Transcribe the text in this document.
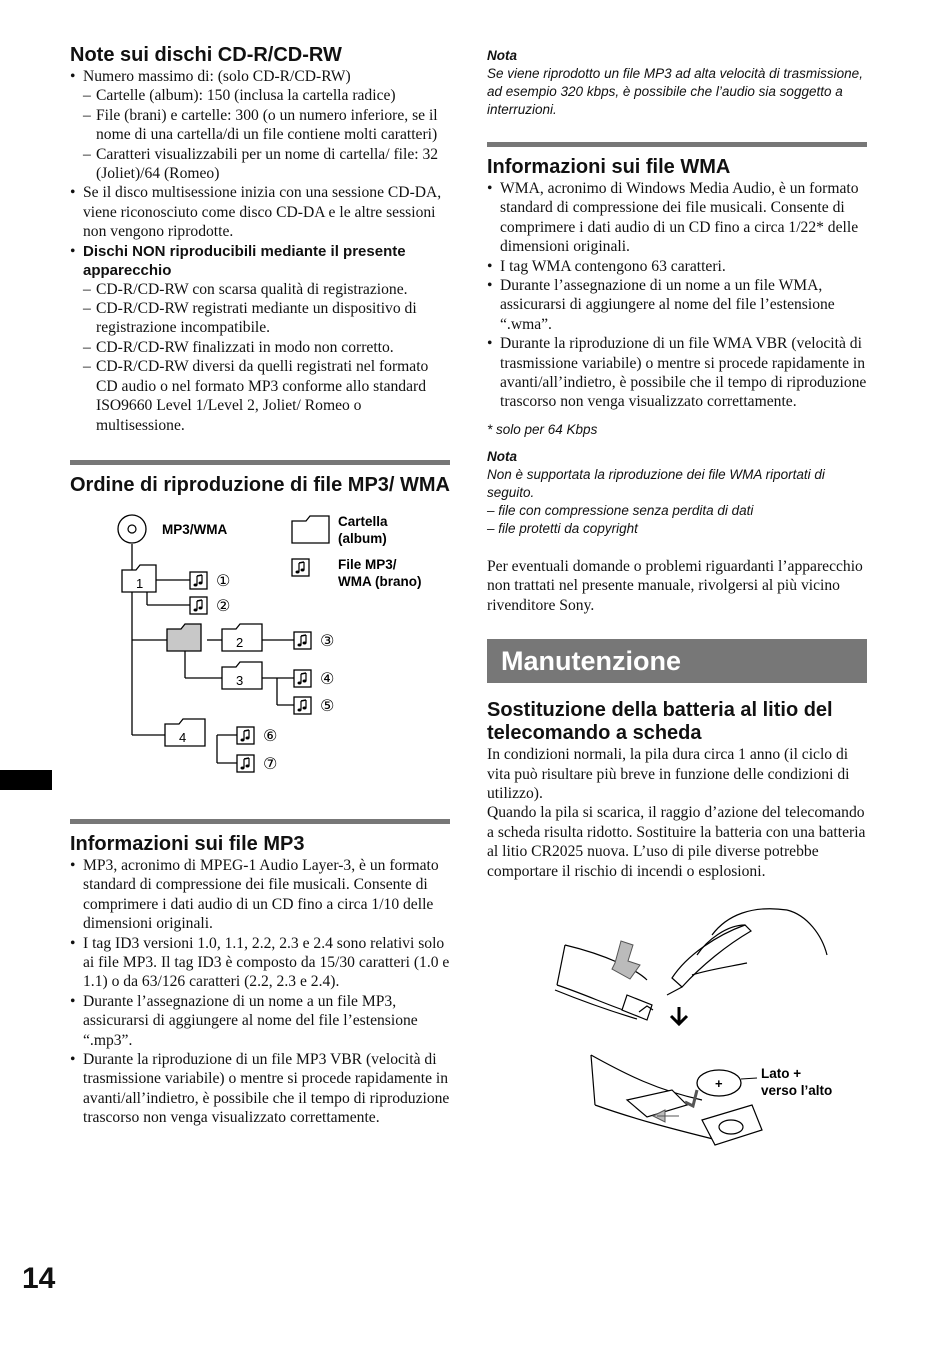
Note sui dischi CD-R/CD-RW
• Numero massimo di: (solo CD-R/CD-RW)
– Cartelle (album): 150 (inclusa la cartella radice)
– File (brani) e cartelle: 300 (o un numero inferiore, se il nome di una cartella/di un file contiene molti caratteri)
– Caratteri visualizzabili per un nome di cartella/ file: 32 (Joliet)/64 (Romeo)
• Se il disco multisessione inizia con una sessione CD-DA, viene riconosciuto come disco CD-DA e le altre sessioni non vengono riprodotte.
• Dischi NON riproducibili mediante il presente apparecchio
– CD-R/CD-RW con scarsa qualità di registrazione.
– CD-R/CD-RW registrati mediante un dispositivo di registrazione incompatibile.
– CD-R/CD-RW finalizzati in modo non corretto.
– CD-R/CD-RW diversi da quelli registrati nel formato CD audio o nel formato MP3 conforme allo standard ISO9660 Level 1/Level 2, Joliet/ Romeo o multisessione.
Ordine di riproduzione di file MP3/ WMA
MP3/WMA
1	①
②
2	③
3	④
⑤
4	⑥
⑦
Cartella
(album)
File MP3/
WMA (brano)
Informazioni sui file MP3
• MP3, acronimo di MPEG-1 Audio Layer-3, è un formato standard di compressione dei file musicali. Consente di comprimere i dati audio di un CD fino a circa 1/10 delle dimensioni originali.
• I tag ID3 versioni 1.0, 1.1, 2.2, 2.3 e 2.4 sono relativi solo ai file MP3. Il tag ID3 è composto da 15/30 caratteri (1.0 e 1.1) o da 63/126 caratteri (2.2, 2.3 e 2.4).
• Durante l’assegnazione di un nome a un file MP3, assicurarsi di aggiungere al nome del file l’estensione “.mp3”.
• Durante la riproduzione di un file MP3 VBR (velocità di trasmissione variabile) o mentre si procede rapidamente in avanti/all’indietro, è possibile che il tempo di riproduzione trascorso non venga visualizzato correttamente.
Nota

Se viene riprodotto un file MP3 ad alta velocità di trasmissione, ad esempio 320 kbps, è possibile che l’audio sia soggetto a interruzioni.

Informazioni sui file WMA
• WMA, acronimo di Windows Media Audio, è un formato standard di compressione dei file musicali. Consente di comprimere i dati audio di un CD fino a circa 1/22* delle dimensioni originali.
• I tag WMA contengono 63 caratteri.
• Durante l’assegnazione di un nome a un file WMA, assicurarsi di aggiungere al nome del file l’estensione “.wma”.
• Durante la riproduzione di un file WMA VBR (velocità di trasmissione variabile) o mentre si procede rapidamente in avanti/all’indietro, è possibile che il tempo di riproduzione trascorso non venga visualizzato correttamente.

* solo per 64 Kbps

Nota

Non è supportata la riproduzione dei file WMA riportati di seguito.

– file con compressione senza perdita di dati

– file protetti da copyright

Per eventuali domande o problemi riguardanti l’apparecchio non trattati nel presente manuale, rivolgersi al più vicino rivenditore Sony.

Manutenzione
Sostituzione della batteria al litio del telecomando a scheda

In condizioni normali, la pila dura circa 1 anno (il ciclo di vita può risultare più breve in funzione delle condizioni di utilizzo).

Quando la pila si scarica, il raggio d’azione del telecomando a scheda risulta ridotto. Sostituire la batteria con una batteria al litio CR2025 nuova. L’uso di pile diverse potrebbe comportare il rischio di incendi o esplosioni.

+
Lato +
verso l’alto
14
